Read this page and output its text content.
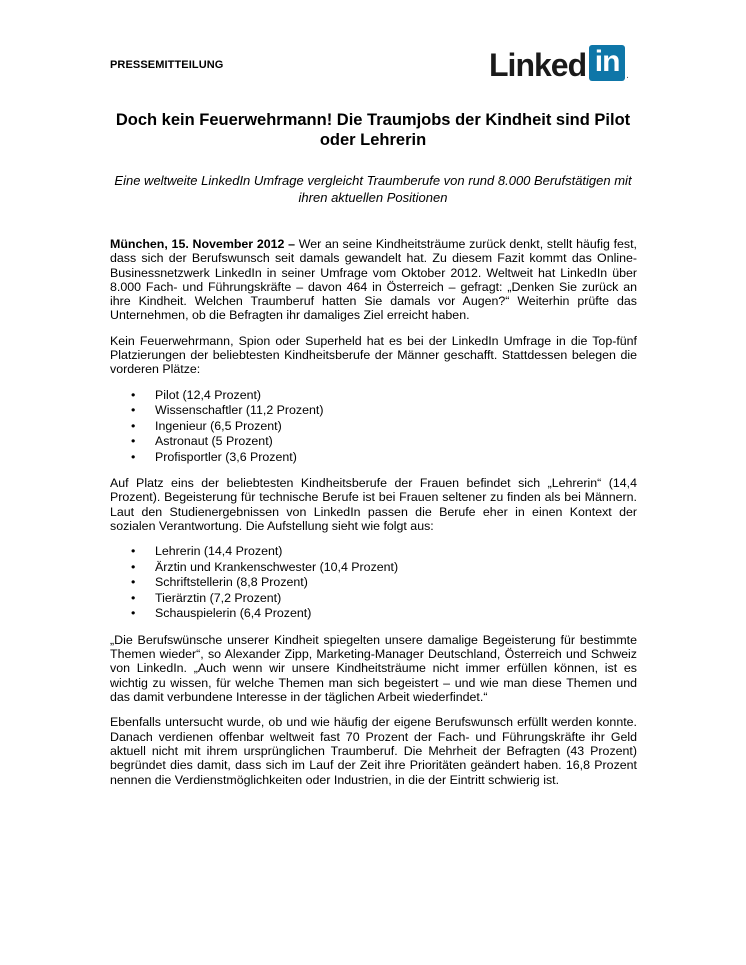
PRESSEMITTEILUNG	Linked in .
Doch kein Feuerwehrmann! Die Traumjobs der Kindheit sind Pilot oder Lehrerin
Eine weltweite LinkedIn Umfrage vergleicht Traumberufe von rund 8.000 Berufstätigen mit ihren aktuellen Positionen

München, 15. November 2012 – Wer an seine Kindheitsträume zurück denkt, stellt häufig fest, dass sich der Berufswunsch seit damals gewandelt hat. Zu diesem Fazit kommt das Online-Businessnetzwerk LinkedIn in seiner Umfrage vom Oktober 2012. Weltweit hat LinkedIn über 8.000 Fach- und Führungskräfte – davon 464 in Österreich – gefragt: „Denken Sie zurück an ihre Kindheit. Welchen Traumberuf hatten Sie damals vor Augen?“ Weiterhin prüfte das Unternehmen, ob die Befragten ihr damaliges Ziel erreicht haben.

Kein Feuerwehrmann, Spion oder Superheld hat es bei der LinkedIn Umfrage in die Top-fünf Platzierungen der beliebtesten Kindheitsberufe der Männer geschafft. Stattdessen belegen die vorderen Plätze:

• Pilot (12,4 Prozent)
• Wissenschaftler (11,2 Prozent)
• Ingenieur (6,5 Prozent)
• Astronaut (5 Prozent)
• Profisportler (3,6 Prozent)

Auf Platz eins der beliebtesten Kindheitsberufe der Frauen befindet sich „Lehrerin“ (14,4 Prozent). Begeisterung für technische Berufe ist bei Frauen seltener zu finden als bei Männern. Laut den Studienergebnissen von LinkedIn passen die Berufe eher in einen Kontext der sozialen Verantwortung. Die Aufstellung sieht wie folgt aus:

• Lehrerin (14,4 Prozent)
• Ärztin und Krankenschwester (10,4 Prozent)
• Schriftstellerin (8,8 Prozent)
• Tierärztin (7,2 Prozent)
• Schauspielerin (6,4 Prozent)

„Die Berufswünsche unserer Kindheit spiegelten unsere damalige Begeisterung für bestimmte Themen wieder“, so Alexander Zipp, Marketing-Manager Deutschland, Österreich und Schweiz von LinkedIn. „Auch wenn wir unsere Kindheitsträume nicht immer erfüllen können, ist es wichtig zu wissen, für welche Themen man sich begeistert – und wie man diese Themen und das damit verbundene Interesse in der täglichen Arbeit wiederfindet.“

Ebenfalls untersucht wurde, ob und wie häufig der eigene Berufswunsch erfüllt werden konnte. Danach verdienen offenbar weltweit fast 70 Prozent der Fach- und Führungskräfte ihr Geld aktuell nicht mit ihrem ursprünglichen Traumberuf. Die Mehrheit der Befragten (43 Prozent) begründet dies damit, dass sich im Lauf der Zeit ihre Prioritäten geändert haben. 16,8 Prozent nennen die Verdienstmöglichkeiten oder Industrien, in die der Eintritt schwierig ist.
